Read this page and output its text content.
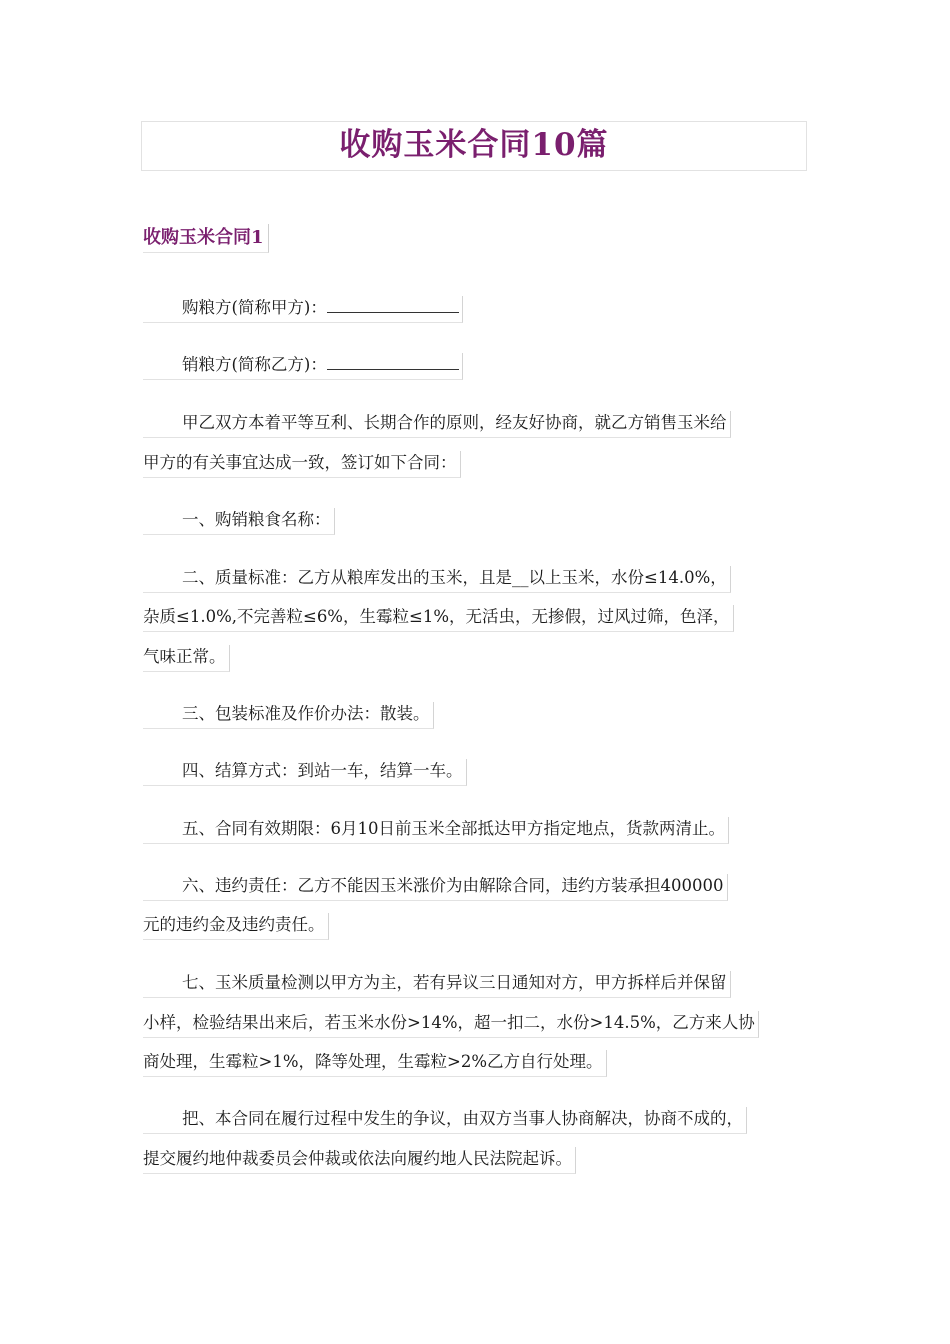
收购玉米合同10篇
收购玉米合同1
购粮方(简称甲方)：
销粮方(简称乙方)：
甲乙双方本着平等互利、长期合作的原则，经友好协商，就乙方销售玉米给
甲方的有关事宜达成一致，签订如下合同：
一、购销粮食名称：
二、质量标准：乙方从粮库发出的玉米，且是__以上玉米，水份≤14.0%，
杂质≤1.0%,不完善粒≤6%，生霉粒≤1%，无活虫，无掺假，过风过筛，色泽，
气味正常。
三、包装标准及作价办法：散装。
四、结算方式：到站一车，结算一车。
五、合同有效期限：6月10日前玉米全部抵达甲方指定地点，货款两清止。
六、违约责任：乙方不能因玉米涨价为由解除合同，违约方装承担400000
元的违约金及违约责任。
七、玉米质量检测以甲方为主，若有异议三日通知对方，甲方拆样后并保留
小样，检验结果出来后，若玉米水份>14%，超一扣二，水份>14.5%，乙方来人协
商处理，生霉粒>1%，降等处理，生霉粒>2%乙方自行处理。
把、本合同在履行过程中发生的争议，由双方当事人协商解决，协商不成的，
提交履约地仲裁委员会仲裁或依法向履约地人民法院起诉。
